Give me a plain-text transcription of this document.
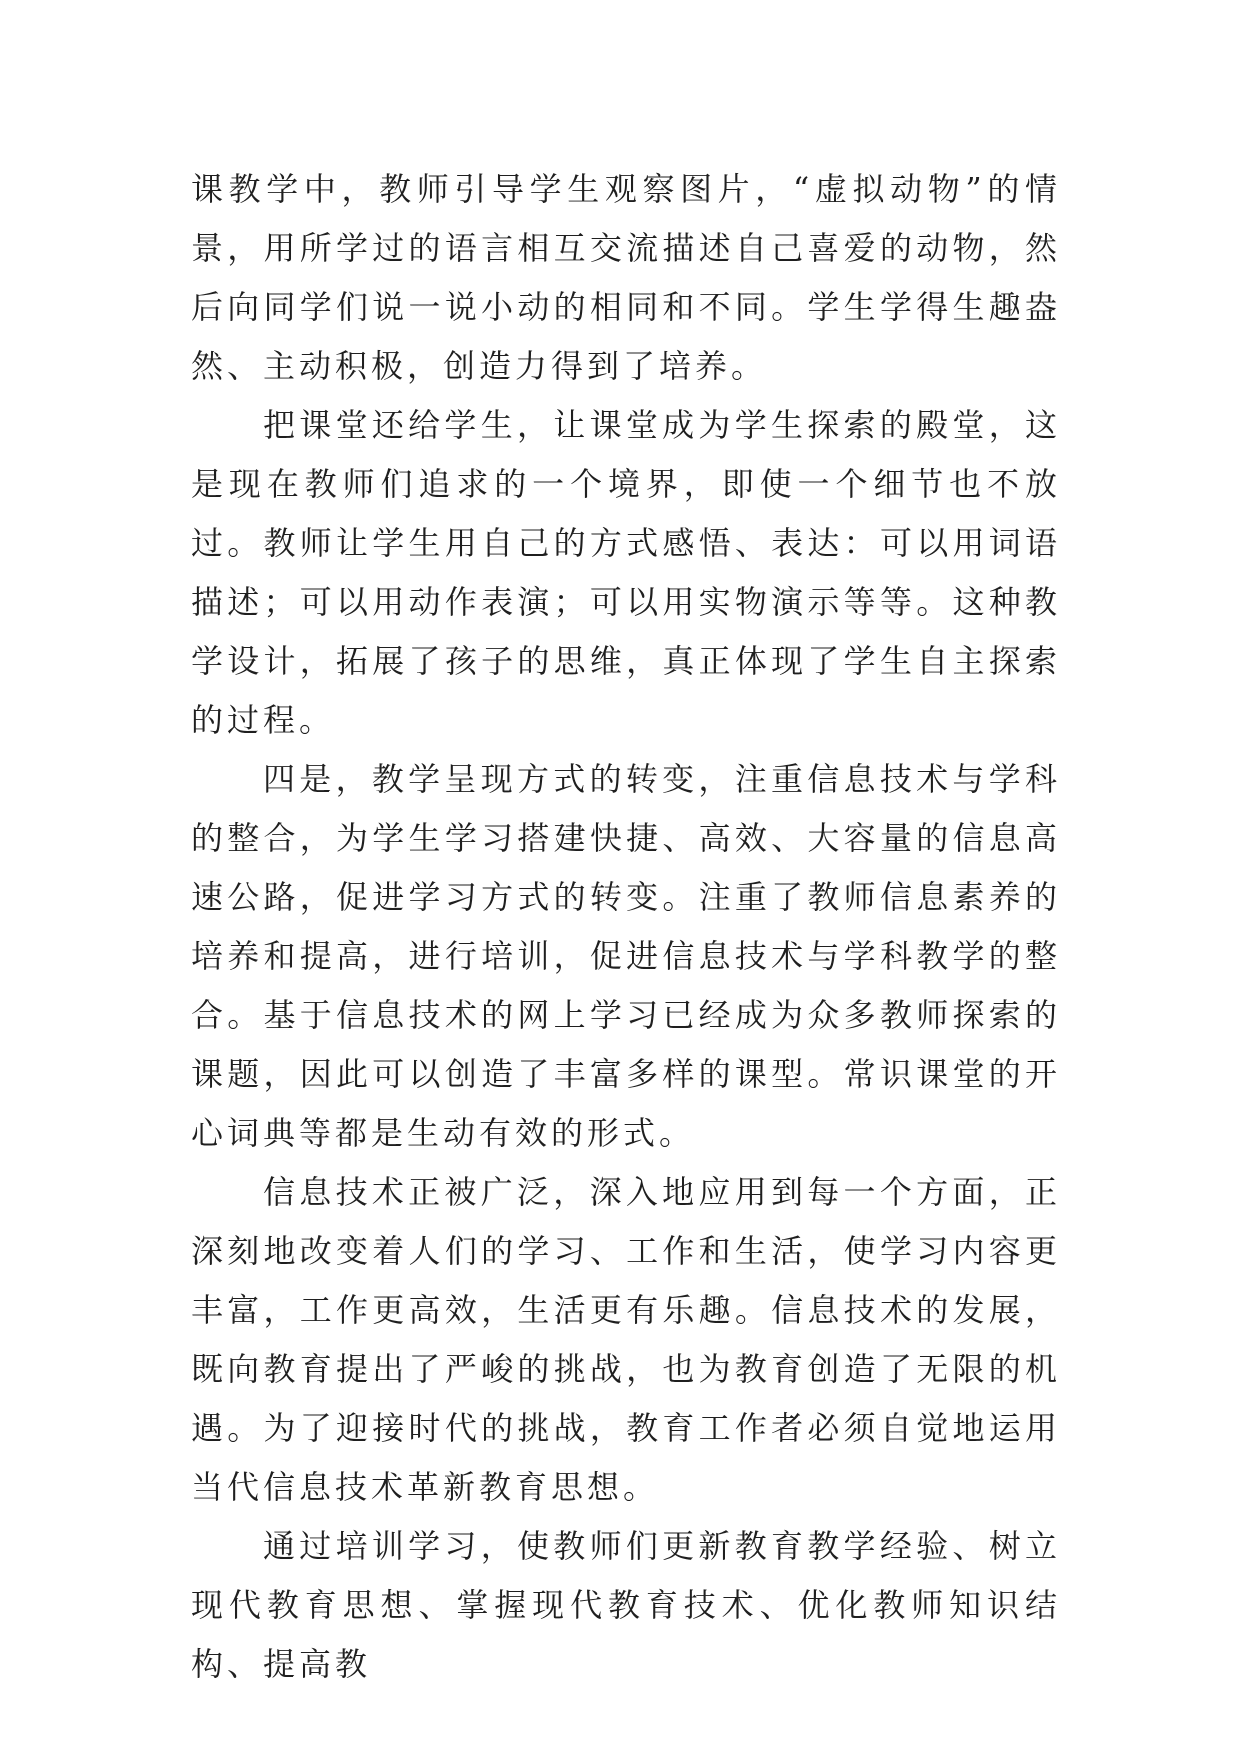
课教学中，教师引导学生观察图片，“虚拟动物”的情景，用所学过的语言相互交流描述自己喜爱的动物，然后向同学们说一说小动的相同和不同。学生学得生趣盎然、主动积极，创造力得到了培养。

把课堂还给学生，让课堂成为学生探索的殿堂，这是现在教师们追求的一个境界，即使一个细节也不放过。教师让学生用自己的方式感悟、表达：可以用词语描述；可以用动作表演；可以用实物演示等等。这种教学设计，拓展了孩子的思维，真正体现了学生自主探索的过程。

四是，教学呈现方式的转变，注重信息技术与学科的整合，为学生学习搭建快捷、高效、大容量的信息高速公路，促进学习方式的转变。注重了教师信息素养的培养和提高，进行培训，促进信息技术与学科教学的整合。基于信息技术的网上学习已经成为众多教师探索的课题，因此可以创造了丰富多样的课型。常识课堂的开心词典等都是生动有效的形式。

信息技术正被广泛，深入地应用到每一个方面，正深刻地改变着人们的学习、工作和生活，使学习内容更丰富，工作更高效，生活更有乐趣。信息技术的发展，既向教育提出了严峻的挑战，也为教育创造了无限的机遇。为了迎接时代的挑战，教育工作者必须自觉地运用当代信息技术革新教育思想。

通过培训学习，使教师们更新教育教学经验、树立现代教育思想、掌握现代教育技术、优化教师知识结构、提高教
